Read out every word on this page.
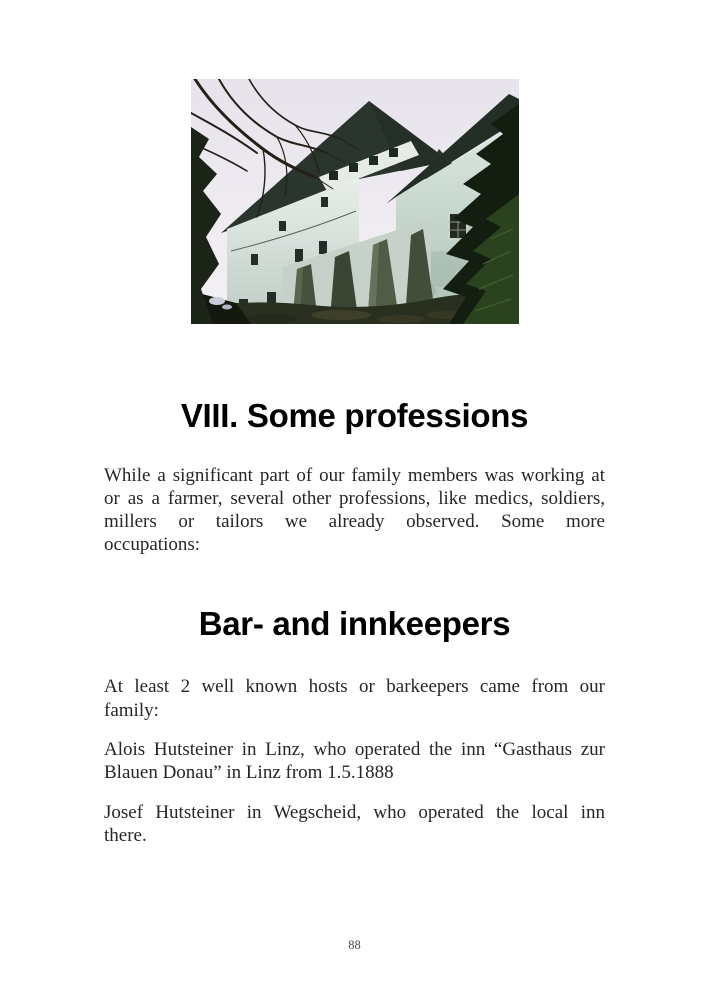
VIII. Some professions
While a significant part of our family members was working at
or as a farmer, several other professions, like medics, soldiers,
millers or tailors we already observed. Some more
occupations:
Bar- and innkeepers
At least 2 well known hosts or barkeepers came from our
family:
Alois Hutsteiner in Linz, who operated the inn “Gasthaus zur
Blauen Donau” in Linz from 1.5.1888
Josef Hutsteiner in Wegscheid, who operated the local inn
there.
88
